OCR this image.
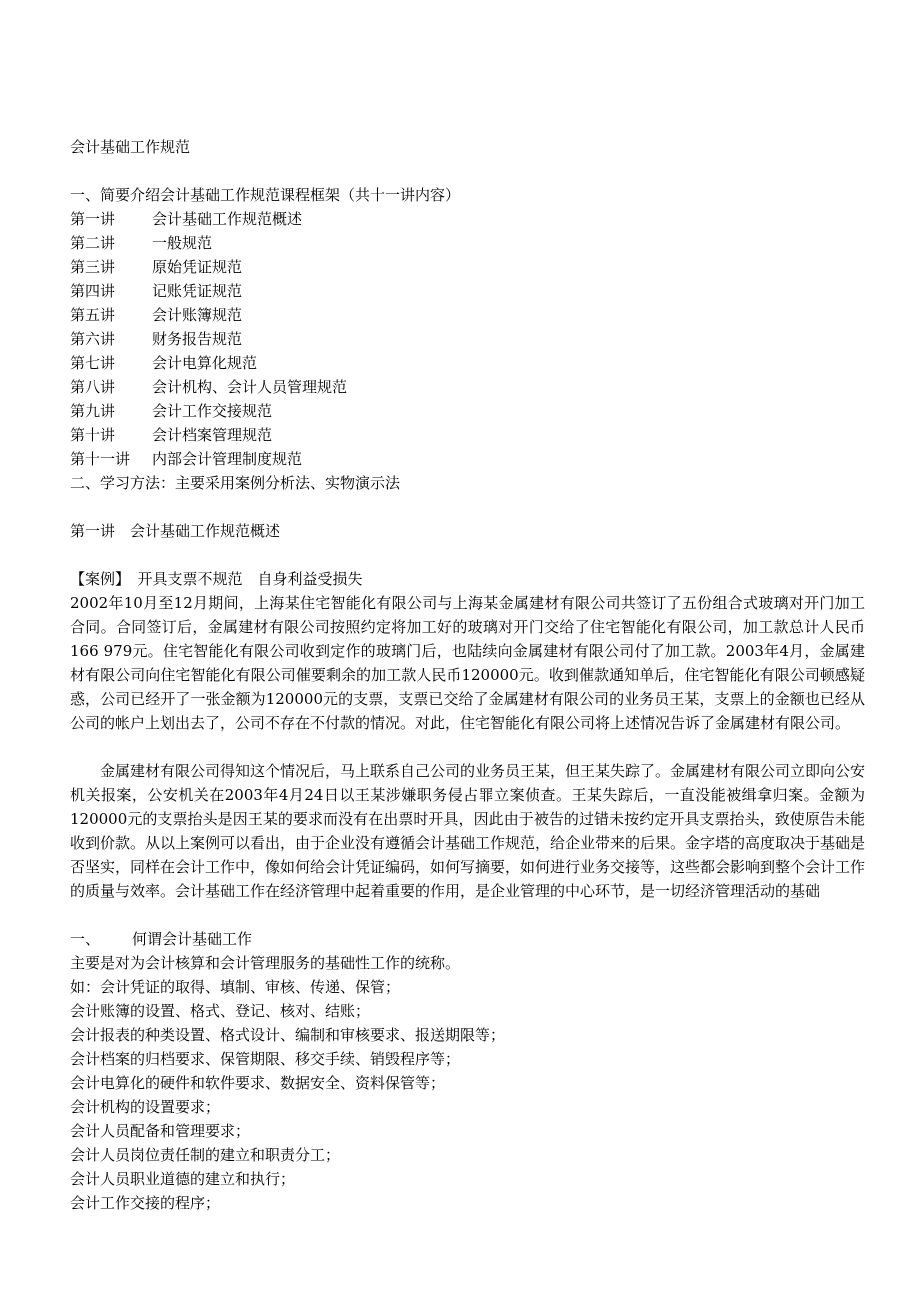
会计基础工作规范
一、简要介绍会计基础工作规范课程框架（共十一讲内容）
第一讲 会计基础工作规范概述
第二讲 一般规范
第三讲 原始凭证规范
第四讲 记账凭证规范
第五讲 会计账簿规范
第六讲 财务报告规范
第七讲 会计电算化规范
第八讲 会计机构、会计人员管理规范
第九讲 会计工作交接规范
第十讲 会计档案管理规范
第十一讲 内部会计管理制度规范
二、学习方法：主要采用案例分析法、实物演示法
第一讲　会计基础工作规范概述
【案例】　开具支票不规范　自身利益受损失
2002年10月至12月期间，上海某住宅智能化有限公司与上海某金属建材有限公司共签订了五份组合式玻璃对开门加工合同。合同签订后，金属建材有限公司按照约定将加工好的玻璃对开门交给了住宅智能化有限公司，加工款总计人民币166 979元。住宅智能化有限公司收到定作的玻璃门后，也陆续向金属建材有限公司付了加工款。2003年4月，金属建材有限公司向住宅智能化有限公司催要剩余的加工款人民币120000元。收到催款通知单后，住宅智能化有限公司顿感疑惑，公司已经开了一张金额为120000元的支票，支票已交给了金属建材有限公司的业务员王某，支票上的金额也已经从公司的帐户上划出去了，公司不存在不付款的情况。对此，住宅智能化有限公司将上述情况告诉了金属建材有限公司。
金属建材有限公司得知这个情况后，马上联系自己公司的业务员王某，但王某失踪了。金属建材有限公司立即向公安机关报案，公安机关在2003年4月24日以王某涉嫌职务侵占罪立案侦查。王某失踪后，一直没能被缉拿归案。金额为120000元的支票抬头是因王某的要求而没有在出票时开具，因此由于被告的过错未按约定开具支票抬头，致使原告未能收到价款。从以上案例可以看出，由于企业没有遵循会计基础工作规范，给企业带来的后果。金字塔的高度取决于基础是否坚实，同样在会计工作中，像如何给会计凭证编码，如何写摘要，如何进行业务交接等，这些都会影响到整个会计工作的质量与效率。会计基础工作在经济管理中起着重要的作用，是企业管理的中心环节，是一切经济管理活动的基础
一、 何谓会计基础工作
主要是对为会计核算和会计管理服务的基础性工作的统称。
如：会计凭证的取得、填制、审核、传递、保管；
会计账簿的设置、格式、登记、核对、结账；
会计报表的种类设置、格式设计、编制和审核要求、报送期限等；
会计档案的归档要求、保管期限、移交手续、销毁程序等；
会计电算化的硬件和软件要求、数据安全、资料保管等；
会计机构的设置要求；
会计人员配备和管理要求；
会计人员岗位责任制的建立和职责分工；
会计人员职业道德的建立和执行；
会计工作交接的程序；
